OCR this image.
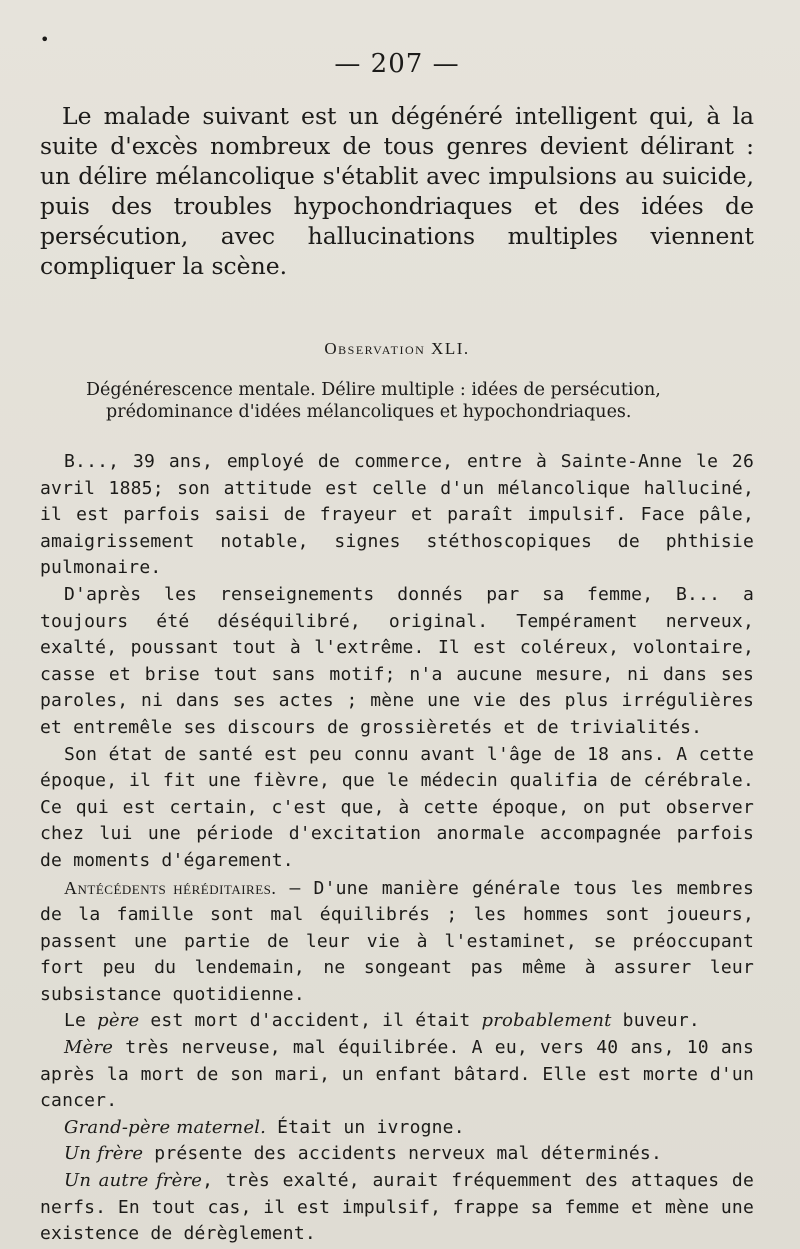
•
— 207 —

Le malade suivant est un dégénéré intelligent qui, à la suite d'excès nombreux de tous genres devient délirant : un délire mélancolique s'établit avec impulsions au suicide, puis des troubles hypochondriaques et des idées de persécution, avec hallucinations multiples viennent compliquer la scène.

Observation XLI.

Dégénérescence mentale. Délire multiple : idées de persécution,
prédominance d'idées mélancoliques et hypochondriaques.

B..., 39 ans, employé de commerce, entre à Sainte-Anne le 26 avril 1885; son attitude est celle d'un mélancolique halluciné, il est parfois saisi de frayeur et paraît impulsif. Face pâle, amaigrissement notable, signes stéthoscopiques de phthisie pulmonaire.

D'après les renseignements donnés par sa femme, B... a toujours été déséquilibré, original. Tempérament nerveux, exalté, poussant tout à l'extrême. Il est coléreux, volontaire, casse et brise tout sans motif; n'a aucune mesure, ni dans ses paroles, ni dans ses actes ; mène une vie des plus irrégulières et entremêle ses discours de grossièretés et de trivialités.

Son état de santé est peu connu avant l'âge de 18 ans. A cette époque, il fit une fièvre, que le médecin qualifia de cérébrale. Ce qui est certain, c'est que, à cette époque, on put observer chez lui une période d'excitation anormale accompagnée parfois de moments d'égarement.

Antécédents héréditaires. — D'une manière générale tous les membres de la famille sont mal équilibrés ; les hommes sont joueurs, passent une partie de leur vie à l'estaminet, se préoccupant fort peu du lendemain, ne songeant pas même à assurer leur subsistance quotidienne.

Le père est mort d'accident, il était probablement buveur.

Mère très nerveuse, mal équilibrée. A eu, vers 40 ans, 10 ans après la mort de son mari, un enfant bâtard. Elle est morte d'un cancer.

Grand-père maternel. Était un ivrogne.

Un frère présente des accidents nerveux mal déterminés.

Un autre frère, très exalté, aurait fréquemment des attaques de nerfs. En tout cas, il est impulsif, frappe sa femme et mène une existence de dérèglement.
